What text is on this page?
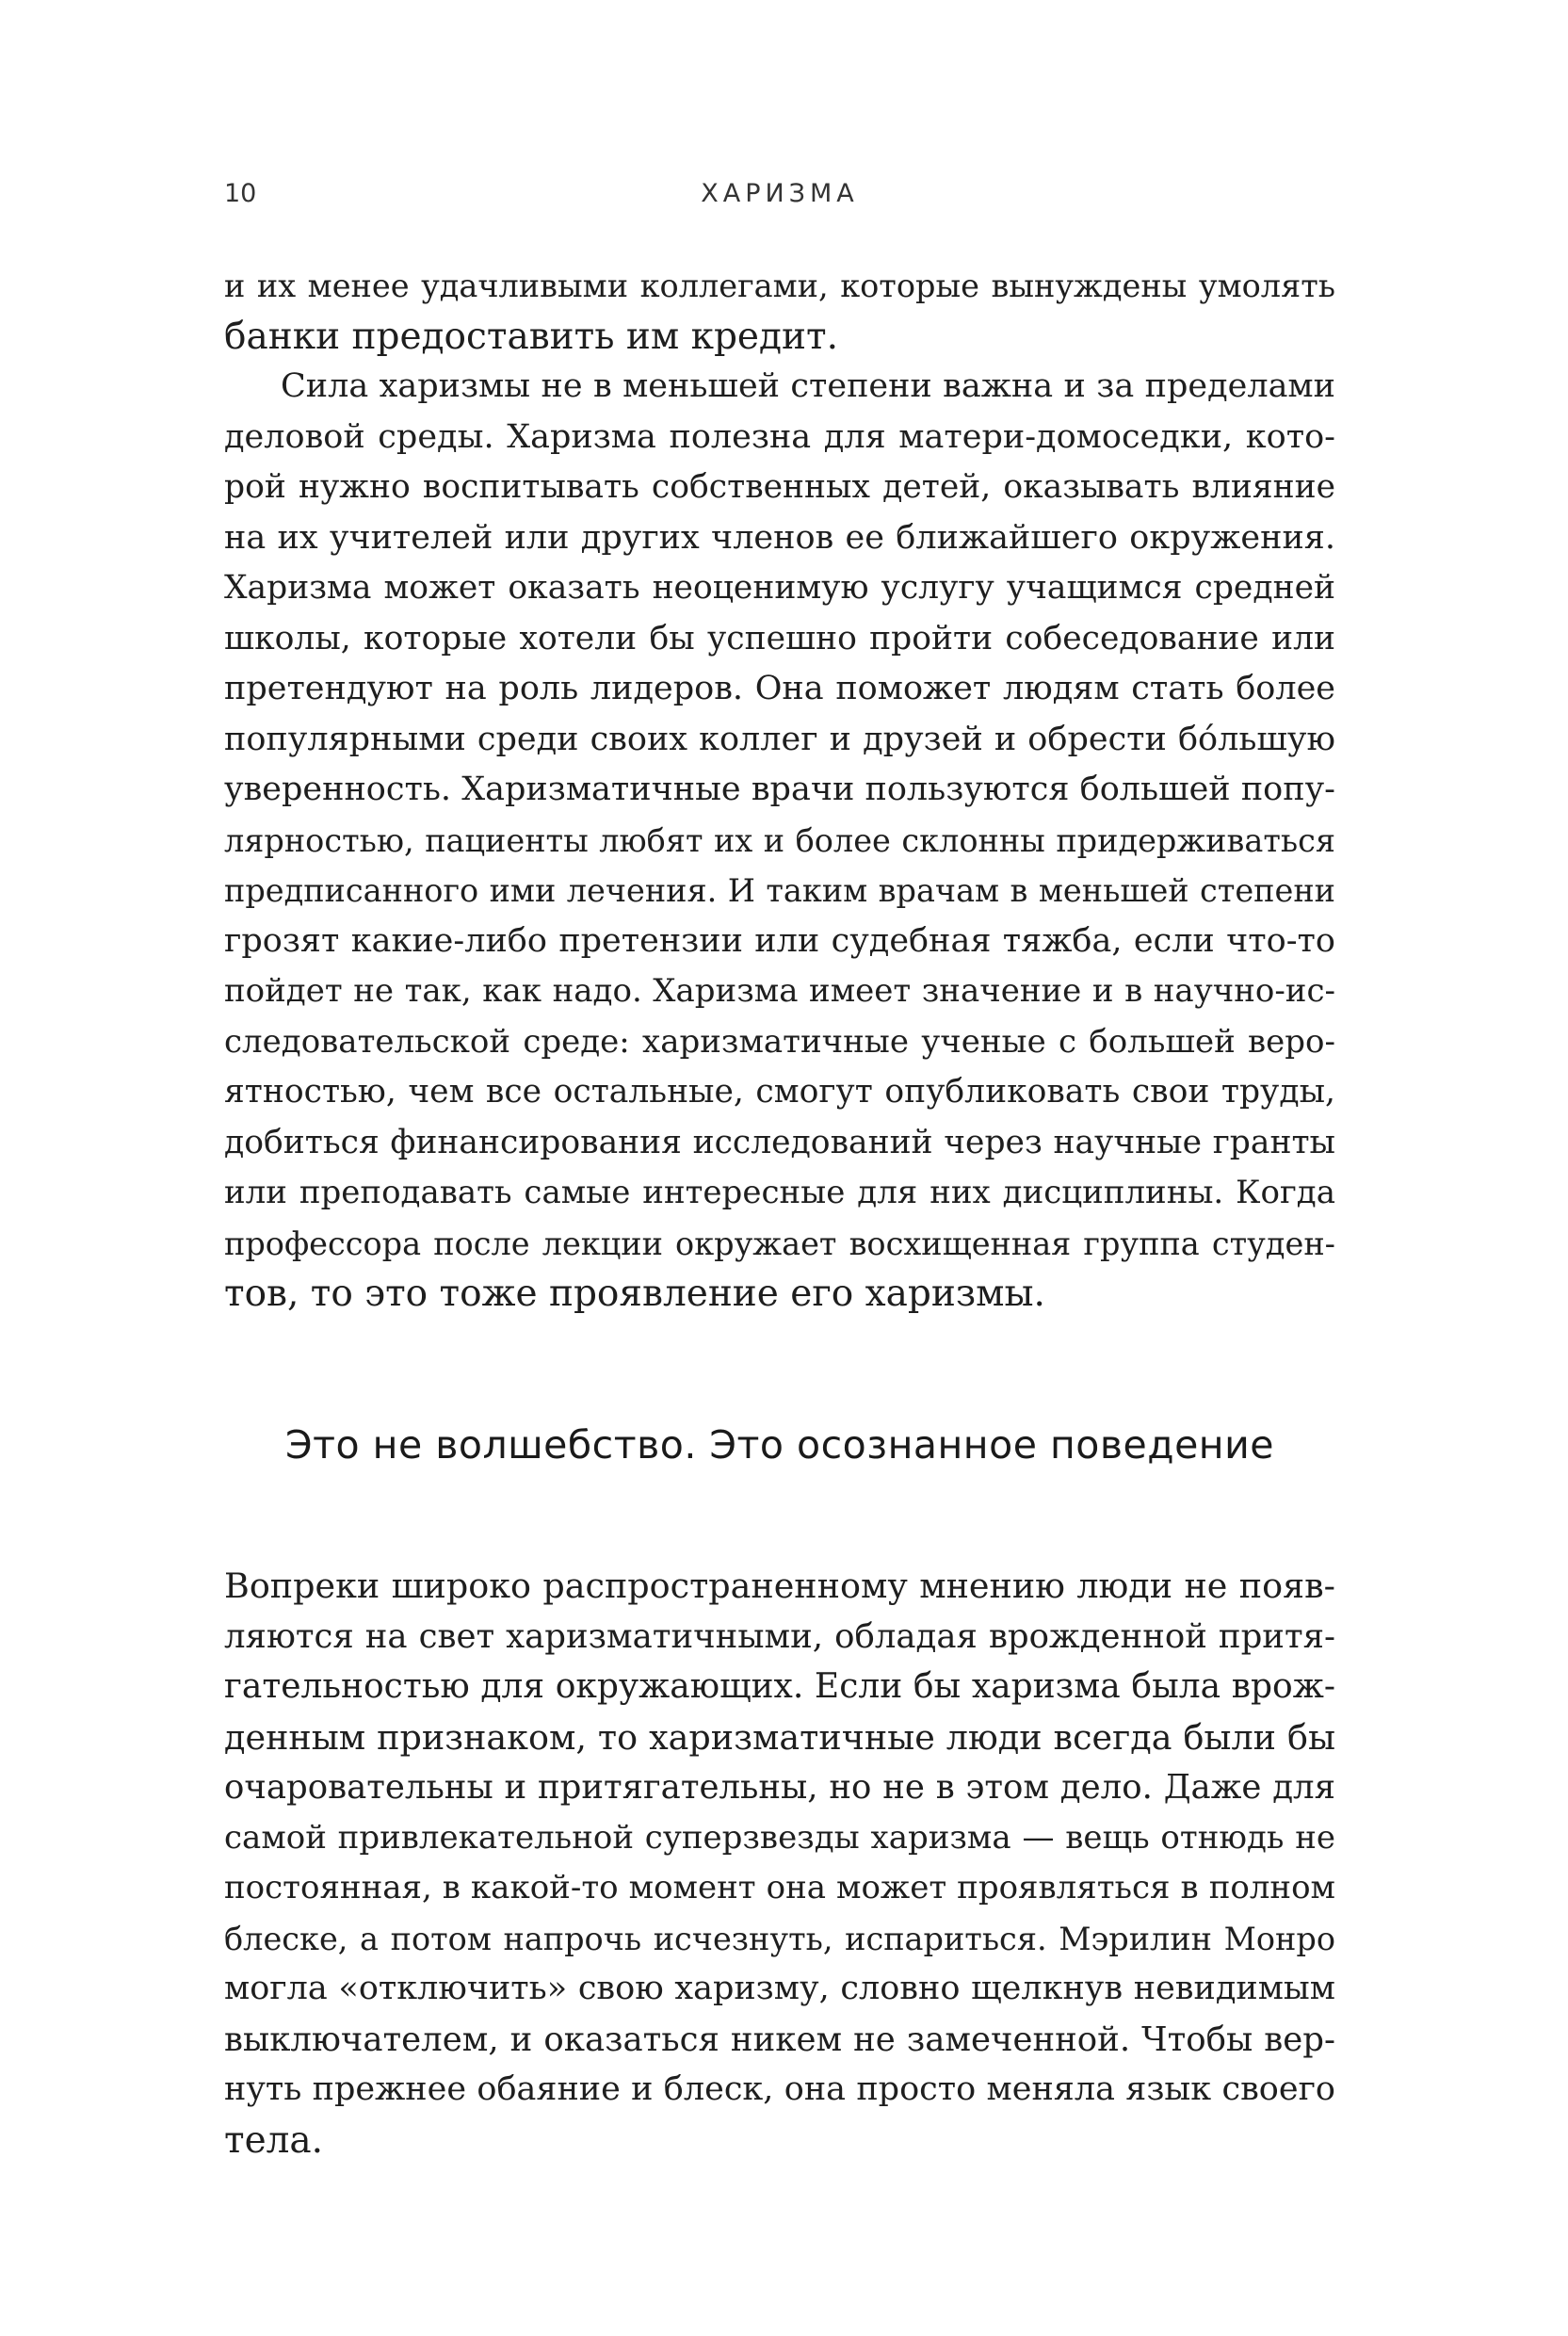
10	ХАРИЗМА
и их менее удачливыми коллегами, которые вынуждены умолять
банки предоставить им кредит.
Сила харизмы не в меньшей степени важна и за пределами
деловой среды. Харизма полезна для матери-домоседки, кото-
рой нужно воспитывать собственных детей, оказывать влияние
на их учителей или других членов ее ближайшего окружения.
Харизма может оказать неоценимую услугу учащимся средней
школы, которые хотели бы успешно пройти собеседование или
претендуют на роль лидеров. Она поможет людям стать более
популярными среди своих коллег и друзей и обрести бóльшую
уверенность. Харизматичные врачи пользуются большей попу-
лярностью, пациенты любят их и более склонны придерживаться
предписанного ими лечения. И таким врачам в меньшей степени
грозят какие-либо претензии или судебная тяжба, если что-то
пойдет не так, как надо. Харизма имеет значение и в научно-ис-
следовательской среде: харизматичные ученые с большей веро-
ятностью, чем все остальные, смогут опубликовать свои труды,
добиться финансирования исследований через научные гранты
или преподавать самые интересные для них дисциплины. Когда
профессора после лекции окружает восхищенная группа студен-
тов, то это тоже проявление его харизмы.
Это не волшебство. Это осознанное поведение
Вопреки широко распространенному мнению люди не появ-
ляются на свет харизматичными, обладая врожденной притя-
гательностью для окружающих. Если бы харизма была врож-
денным признаком, то харизматичные люди всегда были бы
очаровательны и притягательны, но не в этом дело. Даже для
самой привлекательной суперзвезды харизма — вещь отнюдь не
постоянная, в какой-то момент она может проявляться в полном
блеске, а потом напрочь исчезнуть, испариться. Мэрилин Монро
могла «отключить» свою харизму, словно щелкнув невидимым
выключателем, и оказаться никем не замеченной. Чтобы вер-
нуть прежнее обаяние и блеск, она просто меняла язык своего
тела.
